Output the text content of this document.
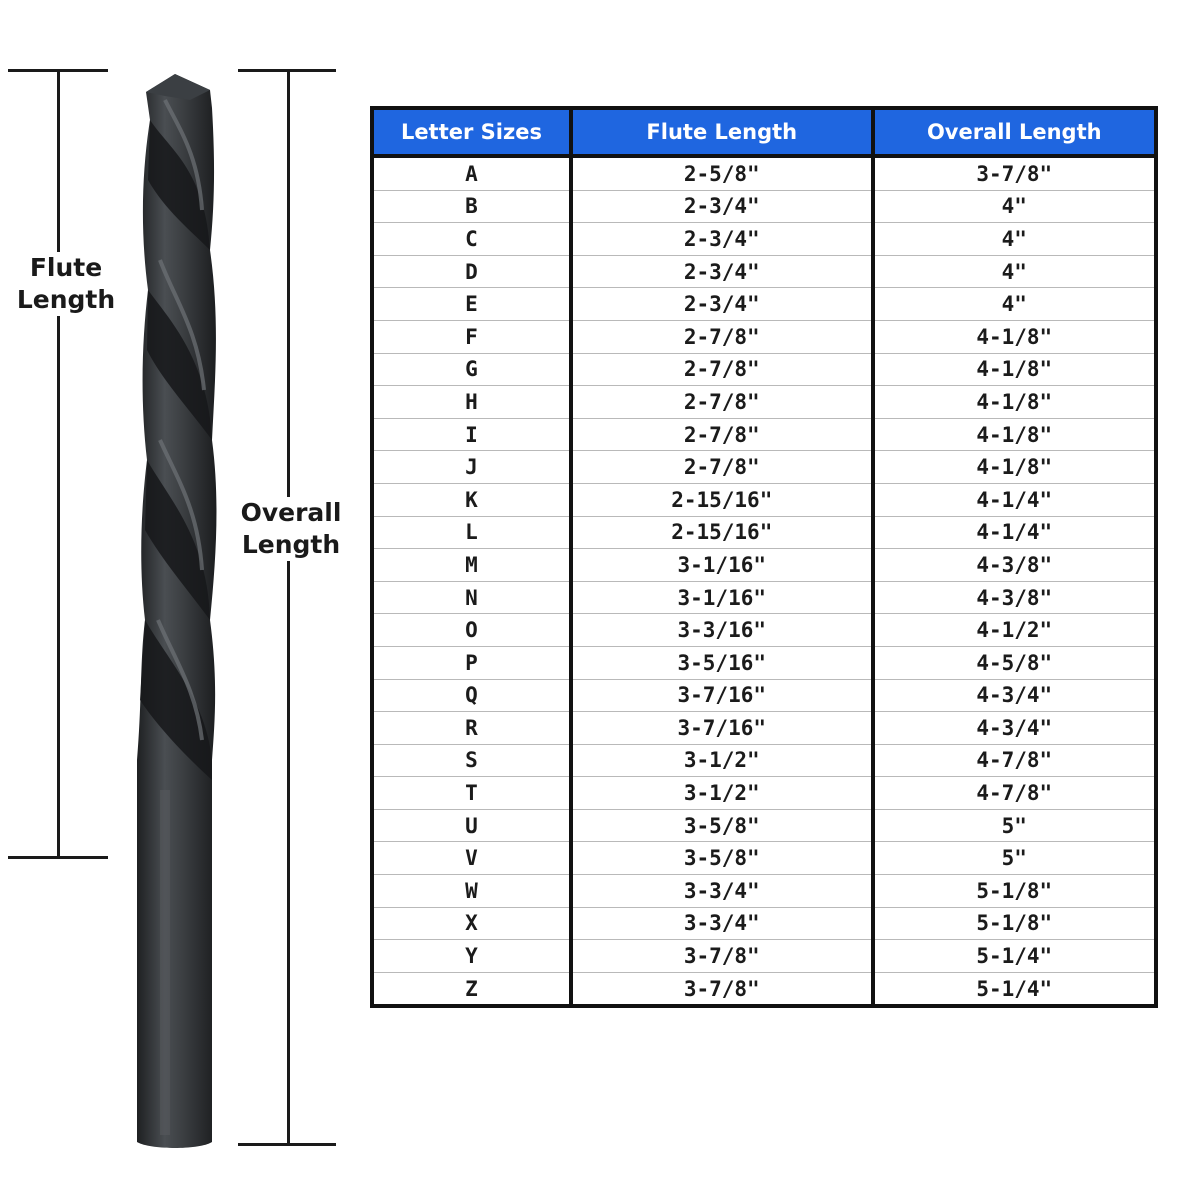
Flute
Length
Overall
Length
Letter Sizes	Flute Length	Overall Length
A	2-5/8"	3-7/8"
B	2-3/4"	4"
C	2-3/4"	4"
D	2-3/4"	4"
E	2-3/4"	4"
F	2-7/8"	4-1/8"
G	2-7/8"	4-1/8"
H	2-7/8"	4-1/8"
I	2-7/8"	4-1/8"
J	2-7/8"	4-1/8"
K	2-15/16"	4-1/4"
L	2-15/16"	4-1/4"
M	3-1/16"	4-3/8"
N	3-1/16"	4-3/8"
O	3-3/16"	4-1/2"
P	3-5/16"	4-5/8"
Q	3-7/16"	4-3/4"
R	3-7/16"	4-3/4"
S	3-1/2"	4-7/8"
T	3-1/2"	4-7/8"
U	3-5/8"	5"
V	3-5/8"	5"
W	3-3/4"	5-1/8"
X	3-3/4"	5-1/8"
Y	3-7/8"	5-1/4"
Z	3-7/8"	5-1/4"
